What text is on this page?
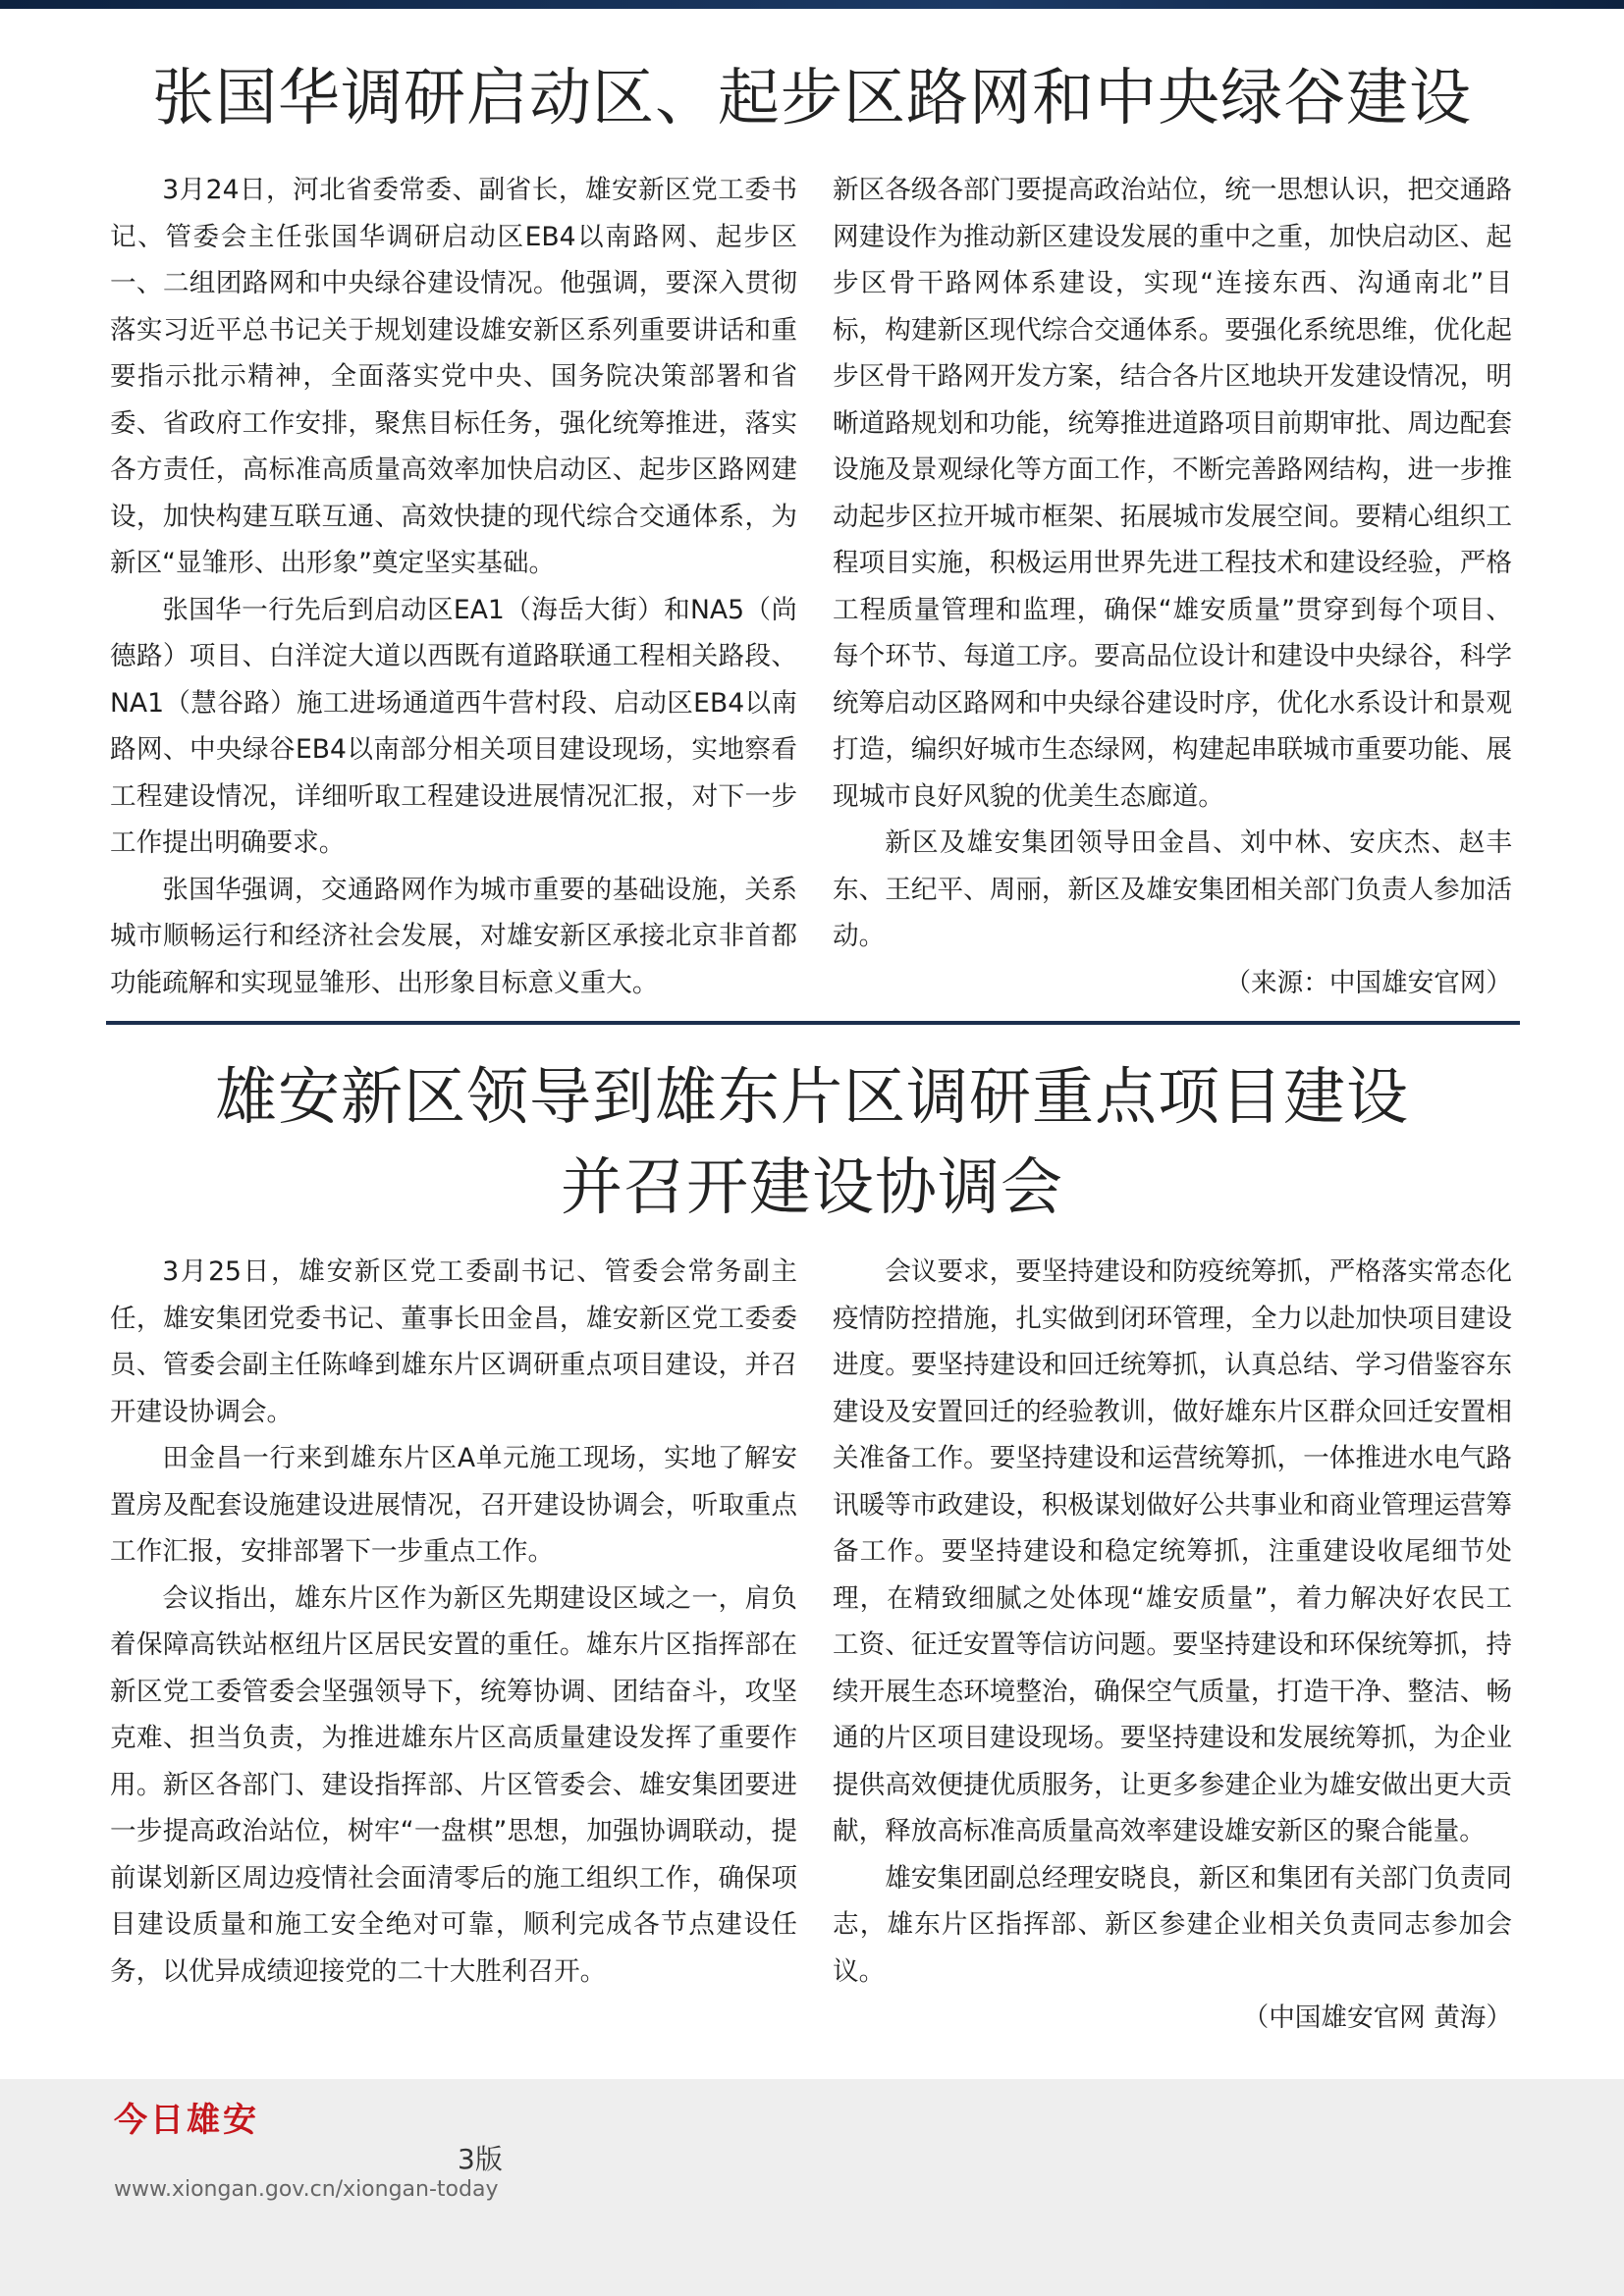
张国华调研启动区、起步区路网和中央绿谷建设

3月24日，河北省委常委、副省长，雄安新区党工委书记、管委会主任张国华调研启动区EB4以南路网、起步区一、二组团路网和中央绿谷建设情况。他强调，要深入贯彻落实习近平总书记关于规划建设雄安新区系列重要讲话和重要指示批示精神，全面落实党中央、国务院决策部署和省委、省政府工作安排，聚焦目标任务，强化统筹推进，落实各方责任，高标准高质量高效率加快启动区、起步区路网建设，加快构建互联互通、高效快捷的现代综合交通体系，为新区“显雏形、出形象”奠定坚实基础。

张国华一行先后到启动区EA1（海岳大街）和NA5（尚德路）项目、白洋淀大道以西既有道路联通工程相关路段、NA1（慧谷路）施工进场通道西牛营村段、启动区EB4以南路网、中央绿谷EB4以南部分相关项目建设现场，实地察看工程建设情况，详细听取工程建设进展情况汇报，对下一步工作提出明确要求。

张国华强调，交通路网作为城市重要的基础设施，关系城市顺畅运行和经济社会发展，对雄安新区承接北京非首都功能疏解和实现显雏形、出形象目标意义重大。

新区各级各部门要提高政治站位，统一思想认识，把交通路网建设作为推动新区建设发展的重中之重，加快启动区、起步区骨干路网体系建设，实现“连接东西、沟通南北”目标，构建新区现代综合交通体系。要强化系统思维，优化起步区骨干路网开发方案，结合各片区地块开发建设情况，明晰道路规划和功能，统筹推进道路项目前期审批、周边配套设施及景观绿化等方面工作，不断完善路网结构，进一步推动起步区拉开城市框架、拓展城市发展空间。要精心组织工程项目实施，积极运用世界先进工程技术和建设经验，严格工程质量管理和监理，确保“雄安质量”贯穿到每个项目、每个环节、每道工序。要高品位设计和建设中央绿谷，科学统筹启动区路网和中央绿谷建设时序，优化水系设计和景观打造，编织好城市生态绿网，构建起串联城市重要功能、展现城市良好风貌的优美生态廊道。

新区及雄安集团领导田金昌、刘中林、安庆杰、赵丰东、王纪平、周丽，新区及雄安集团相关部门负责人参加活动。

（来源：中国雄安官网）

雄安新区领导到雄东片区调研重点项目建设
并召开建设协调会

3月25日，雄安新区党工委副书记、管委会常务副主任，雄安集团党委书记、董事长田金昌，雄安新区党工委委员、管委会副主任陈峰到雄东片区调研重点项目建设，并召开建设协调会。

田金昌一行来到雄东片区A单元施工现场，实地了解安置房及配套设施建设进展情况，召开建设协调会，听取重点工作汇报，安排部署下一步重点工作。

会议指出，雄东片区作为新区先期建设区域之一，肩负着保障高铁站枢纽片区居民安置的重任。雄东片区指挥部在新区党工委管委会坚强领导下，统筹协调、团结奋斗，攻坚克难、担当负责，为推进雄东片区高质量建设发挥了重要作用。新区各部门、建设指挥部、片区管委会、雄安集团要进一步提高政治站位，树牢“一盘棋”思想，加强协调联动，提前谋划新区周边疫情社会面清零后的施工组织工作，确保项目建设质量和施工安全绝对可靠，顺利完成各节点建设任务，以优异成绩迎接党的二十大胜利召开。

会议要求，要坚持建设和防疫统筹抓，严格落实常态化疫情防控措施，扎实做到闭环管理，全力以赴加快项目建设进度。要坚持建设和回迁统筹抓，认真总结、学习借鉴容东建设及安置回迁的经验教训，做好雄东片区群众回迁安置相关准备工作。要坚持建设和运营统筹抓，一体推进水电气路讯暖等市政建设，积极谋划做好公共事业和商业管理运营筹备工作。要坚持建设和稳定统筹抓，注重建设收尾细节处理，在精致细腻之处体现“雄安质量”，着力解决好农民工工资、征迁安置等信访问题。要坚持建设和环保统筹抓，持续开展生态环境整治，确保空气质量，打造干净、整洁、畅通的片区项目建设现场。要坚持建设和发展统筹抓，为企业提供高效便捷优质服务，让更多参建企业为雄安做出更大贡献，释放高标准高质量高效率建设雄安新区的聚合能量。

雄安集团副总经理安晓良，新区和集团有关部门负责同志，雄东片区指挥部、新区参建企业相关负责同志参加会议。

（中国雄安官网 黄海）

今日雄安
3版
www.xiongan.gov.cn/xiongan-today
